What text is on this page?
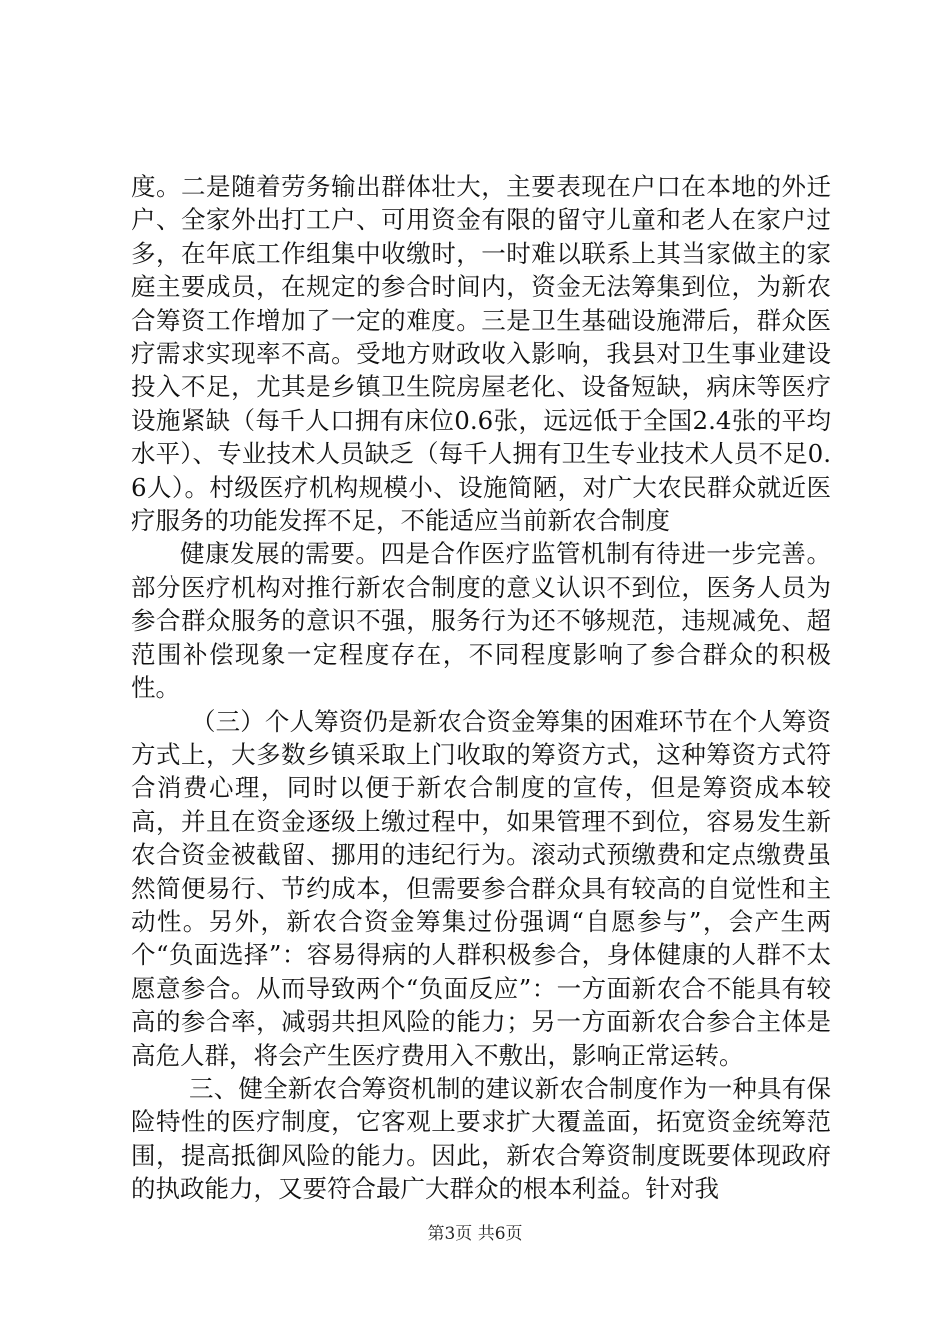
度。二是随着劳务输出群体壮大，主要表现在户口在本地的外迁户、全家外出打工户、可用资金有限的留守儿童和老人在家户过多，在年底工作组集中收缴时，一时难以联系上其当家做主的家庭主要成员，在规定的参合时间内，资金无法筹集到位，为新农合筹资工作增加了一定的难度。三是卫生基础设施滞后，群众医疗需求实现率不高。受地方财政收入影响，我县对卫生事业建设投入不足，尤其是乡镇卫生院房屋老化、设备短缺，病床等医疗设施紧缺（每千人口拥有床位0.6张，远远低于全国2.4张的平均水平）、专业技术人员缺乏（每千人拥有卫生专业技术人员不足0.6人）。村级医疗机构规模小、设施简陋，对广大农民群众就近医疗服务的功能发挥不足，不能适应当前新农合制度

健康发展的需要。四是合作医疗监管机制有待进一步完善。部分医疗机构对推行新农合制度的意义认识不到位，医务人员为参合群众服务的意识不强，服务行为还不够规范，违规减免、超范围补偿现象一定程度存在，不同程度影响了参合群众的积极性。

（三）个人筹资仍是新农合资金筹集的困难环节在个人筹资方式上，大多数乡镇采取上门收取的筹资方式，这种筹资方式符合消费心理，同时以便于新农合制度的宣传，但是筹资成本较高，并且在资金逐级上缴过程中，如果管理不到位，容易发生新农合资金被截留、挪用的违纪行为。滚动式预缴费和定点缴费虽然简便易行、节约成本，但需要参合群众具有较高的自觉性和主动性。另外，新农合资金筹集过份强调“自愿参与”，会产生两个“负面选择”：容易得病的人群积极参合，身体健康的人群不太愿意参合。从而导致两个“负面反应”：一方面新农合不能具有较高的参合率，减弱共担风险的能力；另一方面新农合参合主体是高危人群，将会产生医疗费用入不敷出，影响正常运转。

三、健全新农合筹资机制的建议新农合制度作为一种具有保险特性的医疗制度，它客观上要求扩大覆盖面，拓宽资金统筹范围，提高抵御风险的能力。因此，新农合筹资制度既要体现政府的执政能力，又要符合最广大群众的根本利益。针对我

第3页 共6页
